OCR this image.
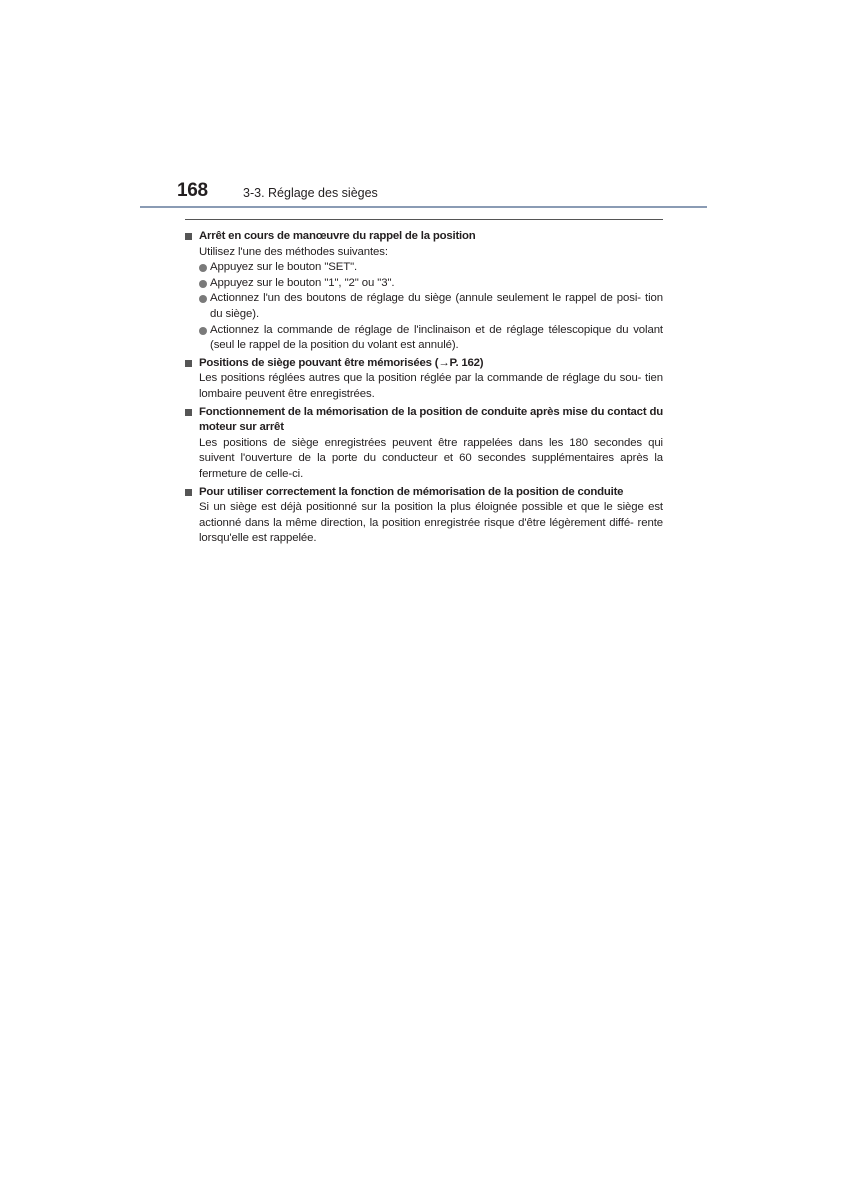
168	3-3. Réglage des sièges
Arrêt en cours de manœuvre du rappel de la position
Utilisez l'une des méthodes suivantes:
Appuyez sur le bouton "SET".
Appuyez sur le bouton "1", "2" ou "3".
Actionnez l'un des boutons de réglage du siège (annule seulement le rappel de posi- tion du siège).
Actionnez la commande de réglage de l'inclinaison et de réglage télescopique du volant (seul le rappel de la position du volant est annulé).
Positions de siège pouvant être mémorisées (→P. 162)
Les positions réglées autres que la position réglée par la commande de réglage du sou- tien lombaire peuvent être enregistrées.
Fonctionnement de la mémorisation de la position de conduite après mise du contact du moteur sur arrêt
Les positions de siège enregistrées peuvent être rappelées dans les 180 secondes qui suivent l'ouverture de la porte du conducteur et 60 secondes supplémentaires après la fermeture de celle-ci.
Pour utiliser correctement la fonction de mémorisation de la position de conduite
Si un siège est déjà positionné sur la position la plus éloignée possible et que le siège est actionné dans la même direction, la position enregistrée risque d'être légèrement diffé- rente lorsqu'elle est rappelée.
